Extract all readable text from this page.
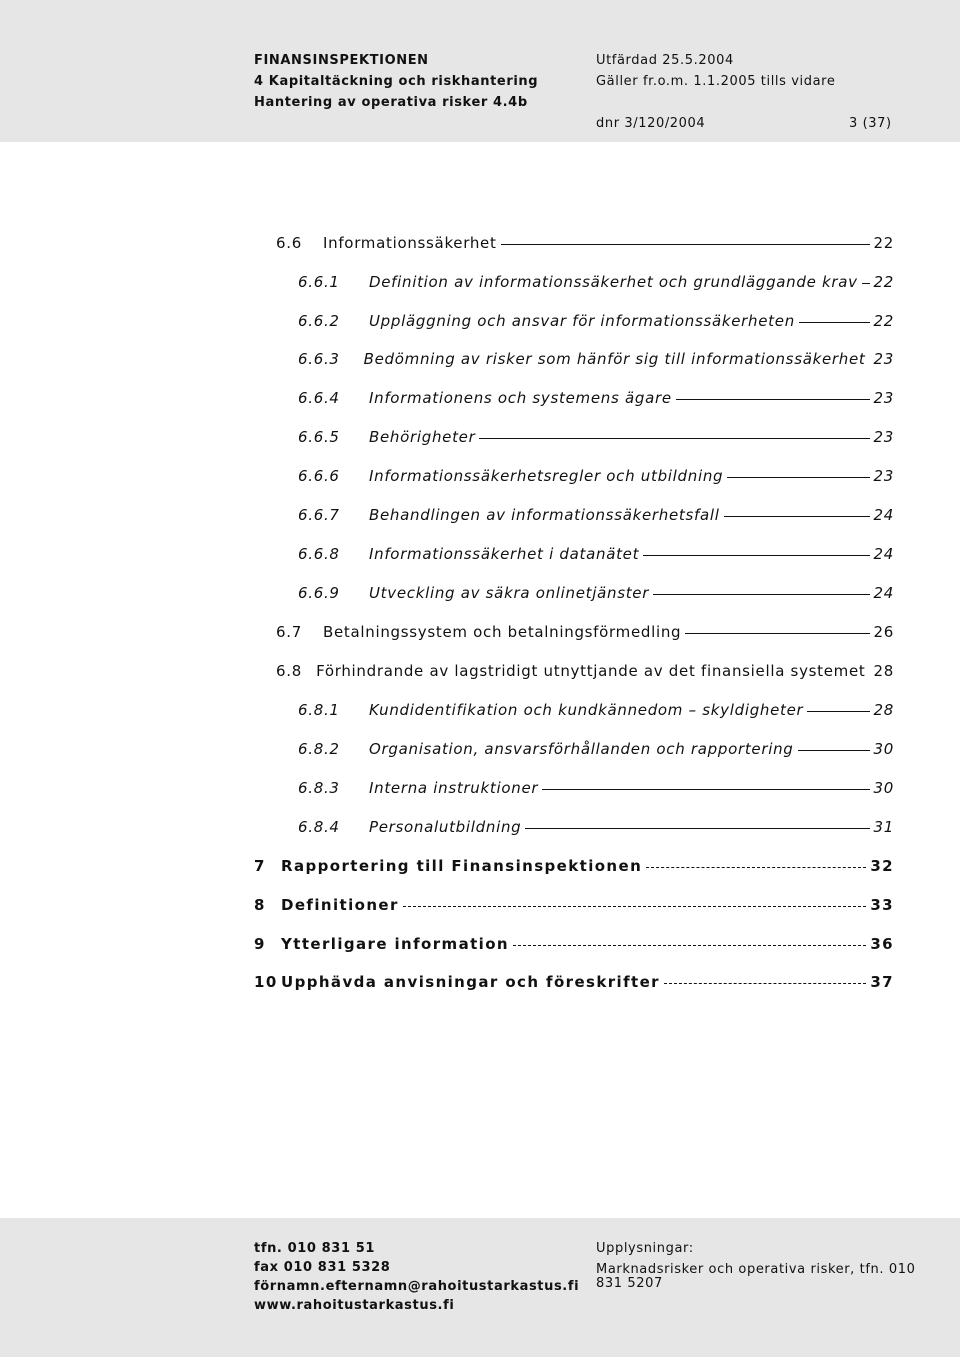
FINANSINSPEKTIONEN
4 Kapitaltäckning och riskhantering
Hantering av operativa risker 4.4b
Utfärdad 25.5.2004
Gäller fr.o.m. 1.1.2005 tills vidare
dnr 3/120/2004	3 (37)
6.6	Informationssäkerhet	22
6.6.1	Definition av informationssäkerhet och grundläggande krav 22
6.6.2	Uppläggning och ansvar för informationssäkerheten	22
6.6.3	Bedömning av risker som hänför sig till informationssäkerhet 23
6.6.4	Informationens och systemens ägare	23
6.6.5	Behörigheter	23
6.6.6	Informationssäkerhetsregler och utbildning	23
6.6.7	Behandlingen av informationssäkerhetsfall	24
6.6.8	Informationssäkerhet i datanätet	24
6.6.9	Utveckling av säkra onlinetjänster	24
6.7	Betalningssystem och betalningsförmedling	26
6.8 Förhindrande av lagstridigt utnyttjande av det finansiella systemet 28
6.8.1	Kundidentifikation och kundkännedom – skyldigheter	28
6.8.2	Organisation, ansvarsförhållanden och rapportering	30
6.8.3	Interna instruktioner	30
6.8.4	Personalutbildning	31
7	Rapportering till Finansinspektionen	32
8	Definitioner	33
9	Ytterligare information	36
10 Upphävda anvisningar och föreskrifter	37
tfn. 010 831 51
fax 010 831 5328
förnamn.efternamn@rahoitustarkastus.fi
www.rahoitustarkastus.fi
Upplysningar:
Marknadsrisker och operativa risker, tfn. 010
831 5207
